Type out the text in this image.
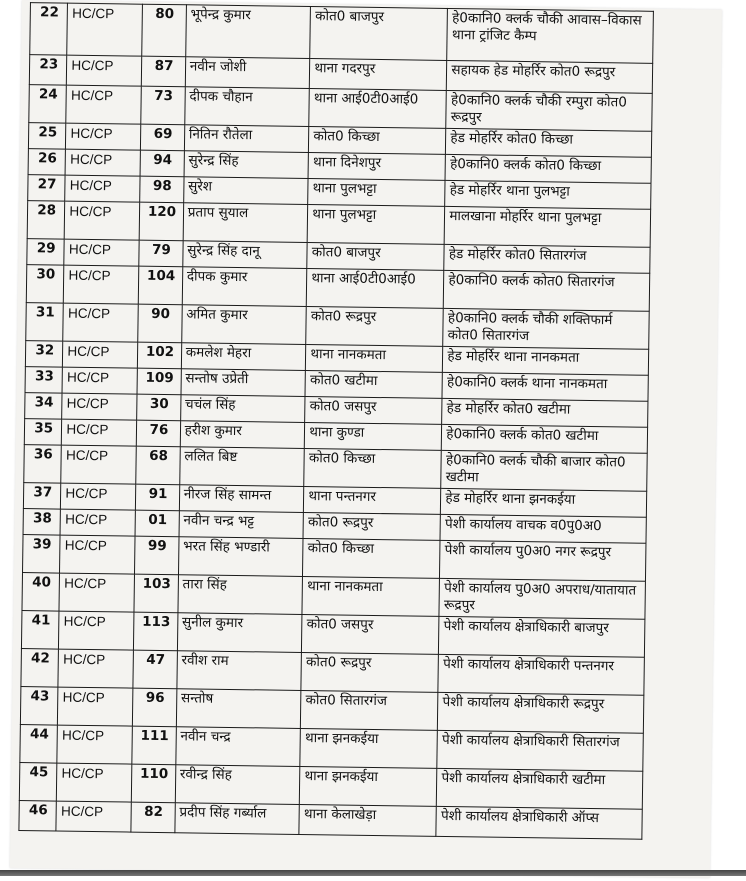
22	HC/CP	80	भूपेन्द्र कुमार	कोत0 बाजपुर	हे0कानि0 क्लर्क चौकी आवास–विकास थाना ट्रांजिट कैम्प
23	HC/CP	87	नवीन जोशी	थाना गदरपुर	सहायक हेड मोहर्रिर कोत0 रूद्रपुर
24	HC/CP	73	दीपक चौहान	थाना आई0टी0आई0	हे0कानि0 क्लर्क चौकी रम्पुरा कोत0 रूद्रपुर
25	HC/CP	69	नितिन रौतेला	कोत0 किच्छा	हेड मोहर्रिर कोत0 किच्छा
26	HC/CP	94	सुरेन्द्र सिंह	थाना दिनेशपुर	हे0कानि0 क्लर्क कोत0 किच्छा
27	HC/CP	98	सुरेश	थाना पुलभट्टा	हेड मोहर्रिर थाना पुलभट्टा
28	HC/CP	120	प्रताप सुयाल	थाना पुलभट्टा	मालखाना मोहर्रिर थाना पुलभट्टा
29	HC/CP	79	सुरेन्द्र सिंह दानू	कोत0 बाजपुर	हेड मोहर्रिर कोत0 सितारगंज
30	HC/CP	104	दीपक कुमार	थाना आई0टी0आई0	हे0कानि0 क्लर्क कोत0 सितारगंज
31	HC/CP	90	अमित कुमार	कोत0 रूद्रपुर	हे0कानि0 क्लर्क चौकी शक्तिफार्म कोत0 सितारगंज
32	HC/CP	102	कमलेश मेहरा	थाना नानकमता	हेड मोहर्रिर थाना नानकमता
33	HC/CP	109	सन्तोष उप्रेती	कोत0 खटीमा	हे0कानि0 क्लर्क थाना नानकमता
34	HC/CP	30	चचंल सिंह	कोत0 जसपुर	हेड मोहर्रिर कोत0 खटीमा
35	HC/CP	76	हरीश कुमार	थाना कुण्डा	हे0कानि0 क्लर्क कोत0 खटीमा
36	HC/CP	68	ललित बिष्ट	कोत0 किच्छा	हे0कानि0 क्लर्क चौकी बाजार कोत0 खटीमा
37	HC/CP	91	नीरज सिंह सामन्त	थाना पन्तनगर	हेड मोहर्रिर थाना झनकईया
38	HC/CP	01	नवीन चन्द्र भट्ट	कोत0 रूद्रपुर	पेशी कार्यालय वाचक व0पु0अ0
39	HC/CP	99	भरत सिंह भण्डारी	कोत0 किच्छा	पेशी कार्यालय पु0अ0 नगर रूद्रपुर
40	HC/CP	103	तारा सिंह	थाना नानकमता	पेशी कार्यालय पु0अ0 अपराध/यातायात रूद्रपुर
41	HC/CP	113	सुनील कुमार	कोत0 जसपुर	पेशी कार्यालय क्षेत्राधिकारी बाजपुर
42	HC/CP	47	रवीश राम	कोत0 रूद्रपुर	पेशी कार्यालय क्षेत्राधिकारी पन्तनगर
43	HC/CP	96	सन्तोष	कोत0 सितारगंज	पेशी कार्यालय क्षेत्राधिकारी रूद्रपुर
44	HC/CP	111	नवीन चन्द्र	थाना झनकईया	पेशी कार्यालय क्षेत्राधिकारी सितारगंज
45	HC/CP	110	रवीन्द्र सिंह	थाना झनकईया	पेशी कार्यालय क्षेत्राधिकारी खटीमा
46	HC/CP	82	प्रदीप सिंह गर्ब्याल	थाना केलाखेड़ा	पेशी कार्यालय क्षेत्राधिकारी ऑप्स
